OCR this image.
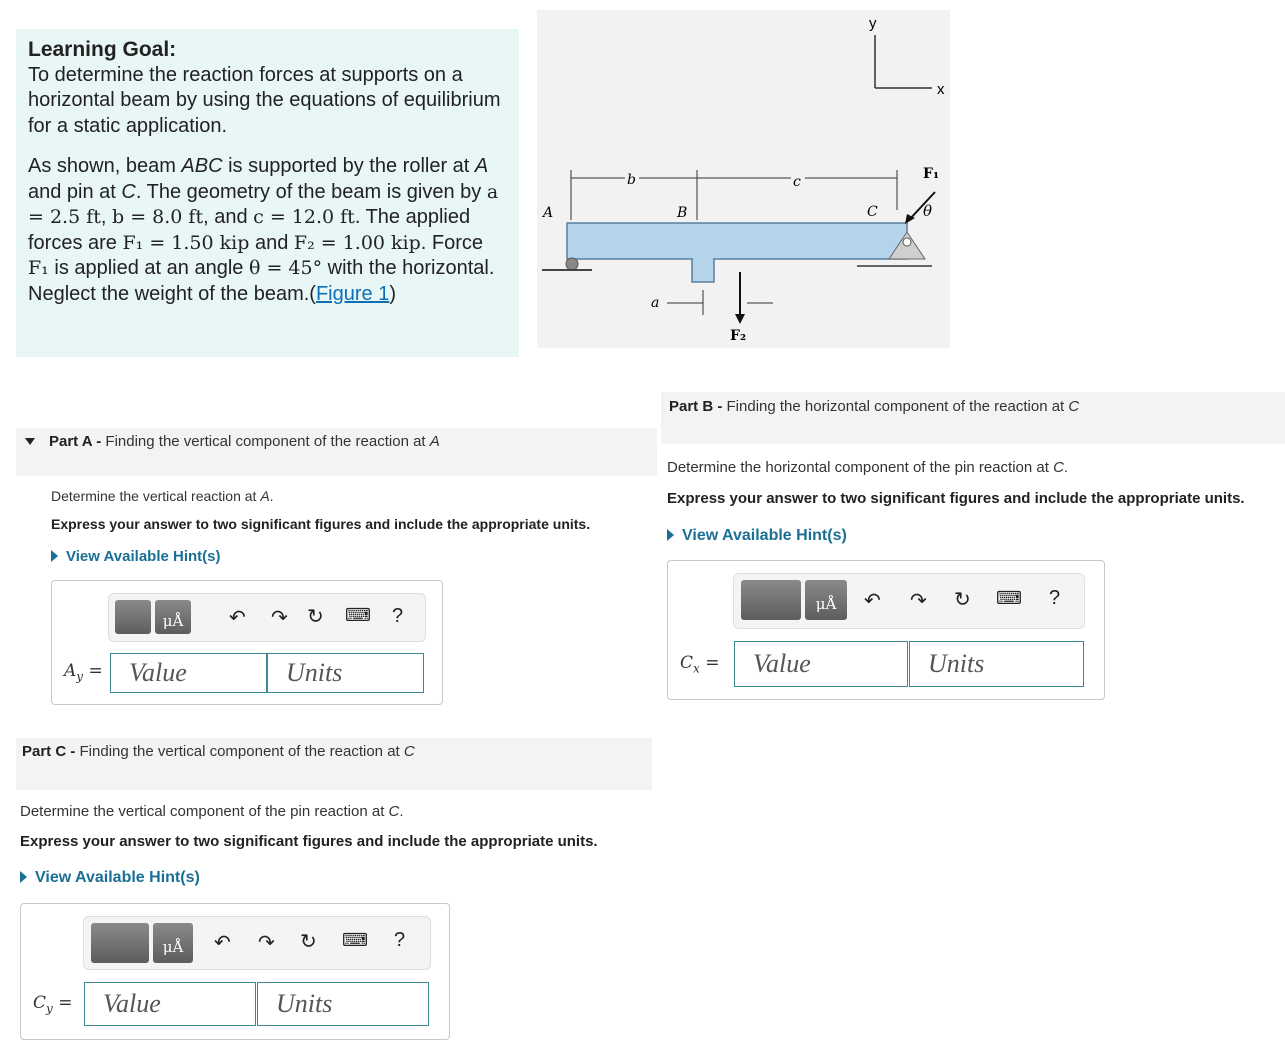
Learning Goal:

To determine the reaction forces at supports on a horizontal beam by using the equations of equilibrium for a static application.

As shown, beam ABC is supported by the roller at A and pin at C. The geometry of the beam is given by a = 2.5 ft, b = 8.0 ft, and c = 12.0 ft. The applied forces are F₁ = 1.50 kip and F₂ = 1.00 kip. Force F₁ is applied at an angle θ = 45° with the horizontal. Neglect the weight of the beam.(Figure 1)

y
x
b	c
A	B	C
F₁
θ
F₂
a
Part A - Finding the vertical component of the reaction at A
Determine the vertical reaction at A.
Express your answer to two significant figures and include the appropriate units.
View Available Hint(s)
μÅ	↶ ↷ ↻ ⌨ ?
$A_y$ =	Value	Units
Part B - Finding the horizontal component of the reaction at C
Determine the horizontal component of the pin reaction at C.
Express your answer to two significant figures and include the appropriate units.
View Available Hint(s)
μÅ	↶ ↷ ↻ ⌨ ?
$C_x$ =	Value	Units
Part C - Finding the vertical component of the reaction at C
Determine the vertical component of the pin reaction at C.
Express your answer to two significant figures and include the appropriate units.
View Available Hint(s)
μÅ	↶ ↷ ↻ ⌨ ?
$C_y$ =	Value	Units
